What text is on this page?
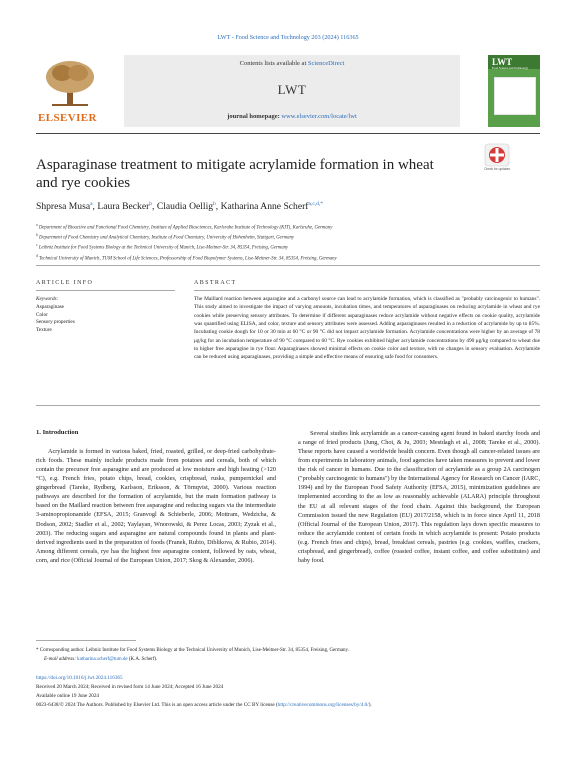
LWT - Food Science and Technology 203 (2024) 116365
ELSEVIER
Contents lists available at ScienceDirect
LWT
journal homepage: www.elsevier.com/locate/lwt
LWT
Food Science and Technology
Asparaginase treatment to mitigate acrylamide formation in wheat and rye cookies
Check for updates
Shpresa Musa$^a$, Laura Becker$^b$, Claudia Oellig$^b$, Katharina Anne Scherf$^{a,c,d,*}$
$^a$ Department of Bioactive and Functional Food Chemistry, Institute of Applied Biosciences, Karlsruhe Institute of Technology (KIT), Karlsruhe, Germany
$^b$ Department of Food Chemistry and Analytical Chemistry, Institute of Food Chemistry, University of Hohenheim, Stuttgart, Germany
$^c$ Leibniz Institute for Food Systems Biology at the Technical University of Munich, Lise-Meitner-Str. 34, 85354, Freising, Germany
$^d$ Technical University of Munich, TUM School of Life Sciences, Professorship of Food Biopolymer Systems, Lise-Meitner-Str. 34, 85354, Freising, Germany
ARTICLE INFO	ABSTRACT
Keywords:
Asparaginase
Color
Sensory properties
Texture
The Maillard reaction between asparagine and a carbonyl source can lead to acrylamide formation, which is classified as "probably carcinogenic to humans". This study aimed to investigate the impact of varying amounts, incubation times, and temperatures of asparaginases on reducing acrylamide in wheat and rye cookies while preserving sensory attributes. To determine if different asparaginases reduce acrylamide without negative effects on cookie quality, acrylamide was quantified using ELISA, and color, texture and sensory attributes were assessed. Adding asparaginases resulted in a reduction of acrylamide by up to 85%. Incubating cookie dough for 10 or 30 min at 60 °C or 90 °C did not impact acrylamide formation. Acrylamide concentrations were higher by an average of 78 μg/kg for an incubation temperature of 90 °C compared to 60 °C. Rye cookies exhibited higher acrylamide concentrations by 490 μg/kg compared to wheat due to higher free asparagine in rye flour. Asparaginases showed minimal effects on cookie color and texture, with no changes in sensory evaluation. Acrylamide can be reduced using asparaginases, providing a simple and effective means of ensuring safe food for consumers.
1. Introduction
Acrylamide is formed in various baked, fried, roasted, grilled, or deep-fried carbohydrate-rich foods. These mainly include products made from potatoes and cereals, both of which contain the precursor free asparagine and are produced at low moisture and high heating (>120 °C), e.g. French fries, potato chips, bread, cookies, crispbread, rusks, pumpernickel and gingerbread (Tareke, Rydberg, Karlsson, Eriksson, & Törnqvist, 2000). Various reaction pathways are described for the formation of acrylamide, but the main formation pathway is based on the Maillard reaction between free asparagine and reducing sugars via the intermediate 3-aminopropionamide (EFSA, 2015; Granvogl & Schieberle, 2006; Mottram, Wedzicha, & Dodson, 2002; Stadler et al., 2002; Yaylayan, Wnorowski, & Perez Locas, 2003; Zyzak et al., 2003). The reducing sugars and asparagine are natural compounds found in plants and plant-derived ingredients used in the preparation of foods (Franek, Rubio, Diblikova, & Rubio, 2014). Among different cereals, rye has the highest free asparagine content, followed by oats, wheat, corn, and rice (Official Journal of the European Union, 2017; Skog & Alexander, 2006).
Several studies link acrylamide as a cancer-causing agent found in baked starchy foods and a range of fried products (Jung, Choi, & Ju, 2003; Mestdagh et al., 2008; Tareke et al., 2000). These reports have caused a worldwide health concern. Even though all cancer-related issues are from experiments in laboratory animals, food agencies have taken measures to prevent and lower the risk of cancer in humans. Due to the classification of acrylamide as a group 2A carcinogen ("probably carcinogenic to humans") by the International Agency for Research on Cancer (IARC, 1994) and by the European Food Safety Authority (EFSA, 2015), minimization guidelines are implemented according to the as low as reasonably achievable (ALARA) principle throughout the EU at all relevant stages of the food chain. Against this background, the European Commission issued the new Regulation (EU) 2017/2158, which is in force since April 11, 2018 (Official Journal of the European Union, 2017). This regulation lays down specific measures to reduce the acrylamide content of certain foods in which acrylamide is present: Potato products (e.g. French fries and chips), bread, breakfast cereals, pastries (e.g. cookies, waffles, crackers, crispbread, and gingerbread), coffee (roasted coffee, instant coffee, and coffee substitutes) and baby food.
* Corresponding author. Leibniz Institute for Food Systems Biology at the Technical University of Munich, Lise-Meitner-Str. 34, 85354, Freising, Germany.
E-mail address: katharina.scherf@tum.de (K.A. Scherf).
https://doi.org/10.1016/j.lwt.2024.116365
Received 20 March 2024; Received in revised form 14 June 2024; Accepted 16 June 2024
Available online 19 June 2024
0023-6438/© 2024 The Authors. Published by Elsevier Ltd. This is an open access article under the CC BY license (http://creativecommons.org/licenses/by/4.0/).
